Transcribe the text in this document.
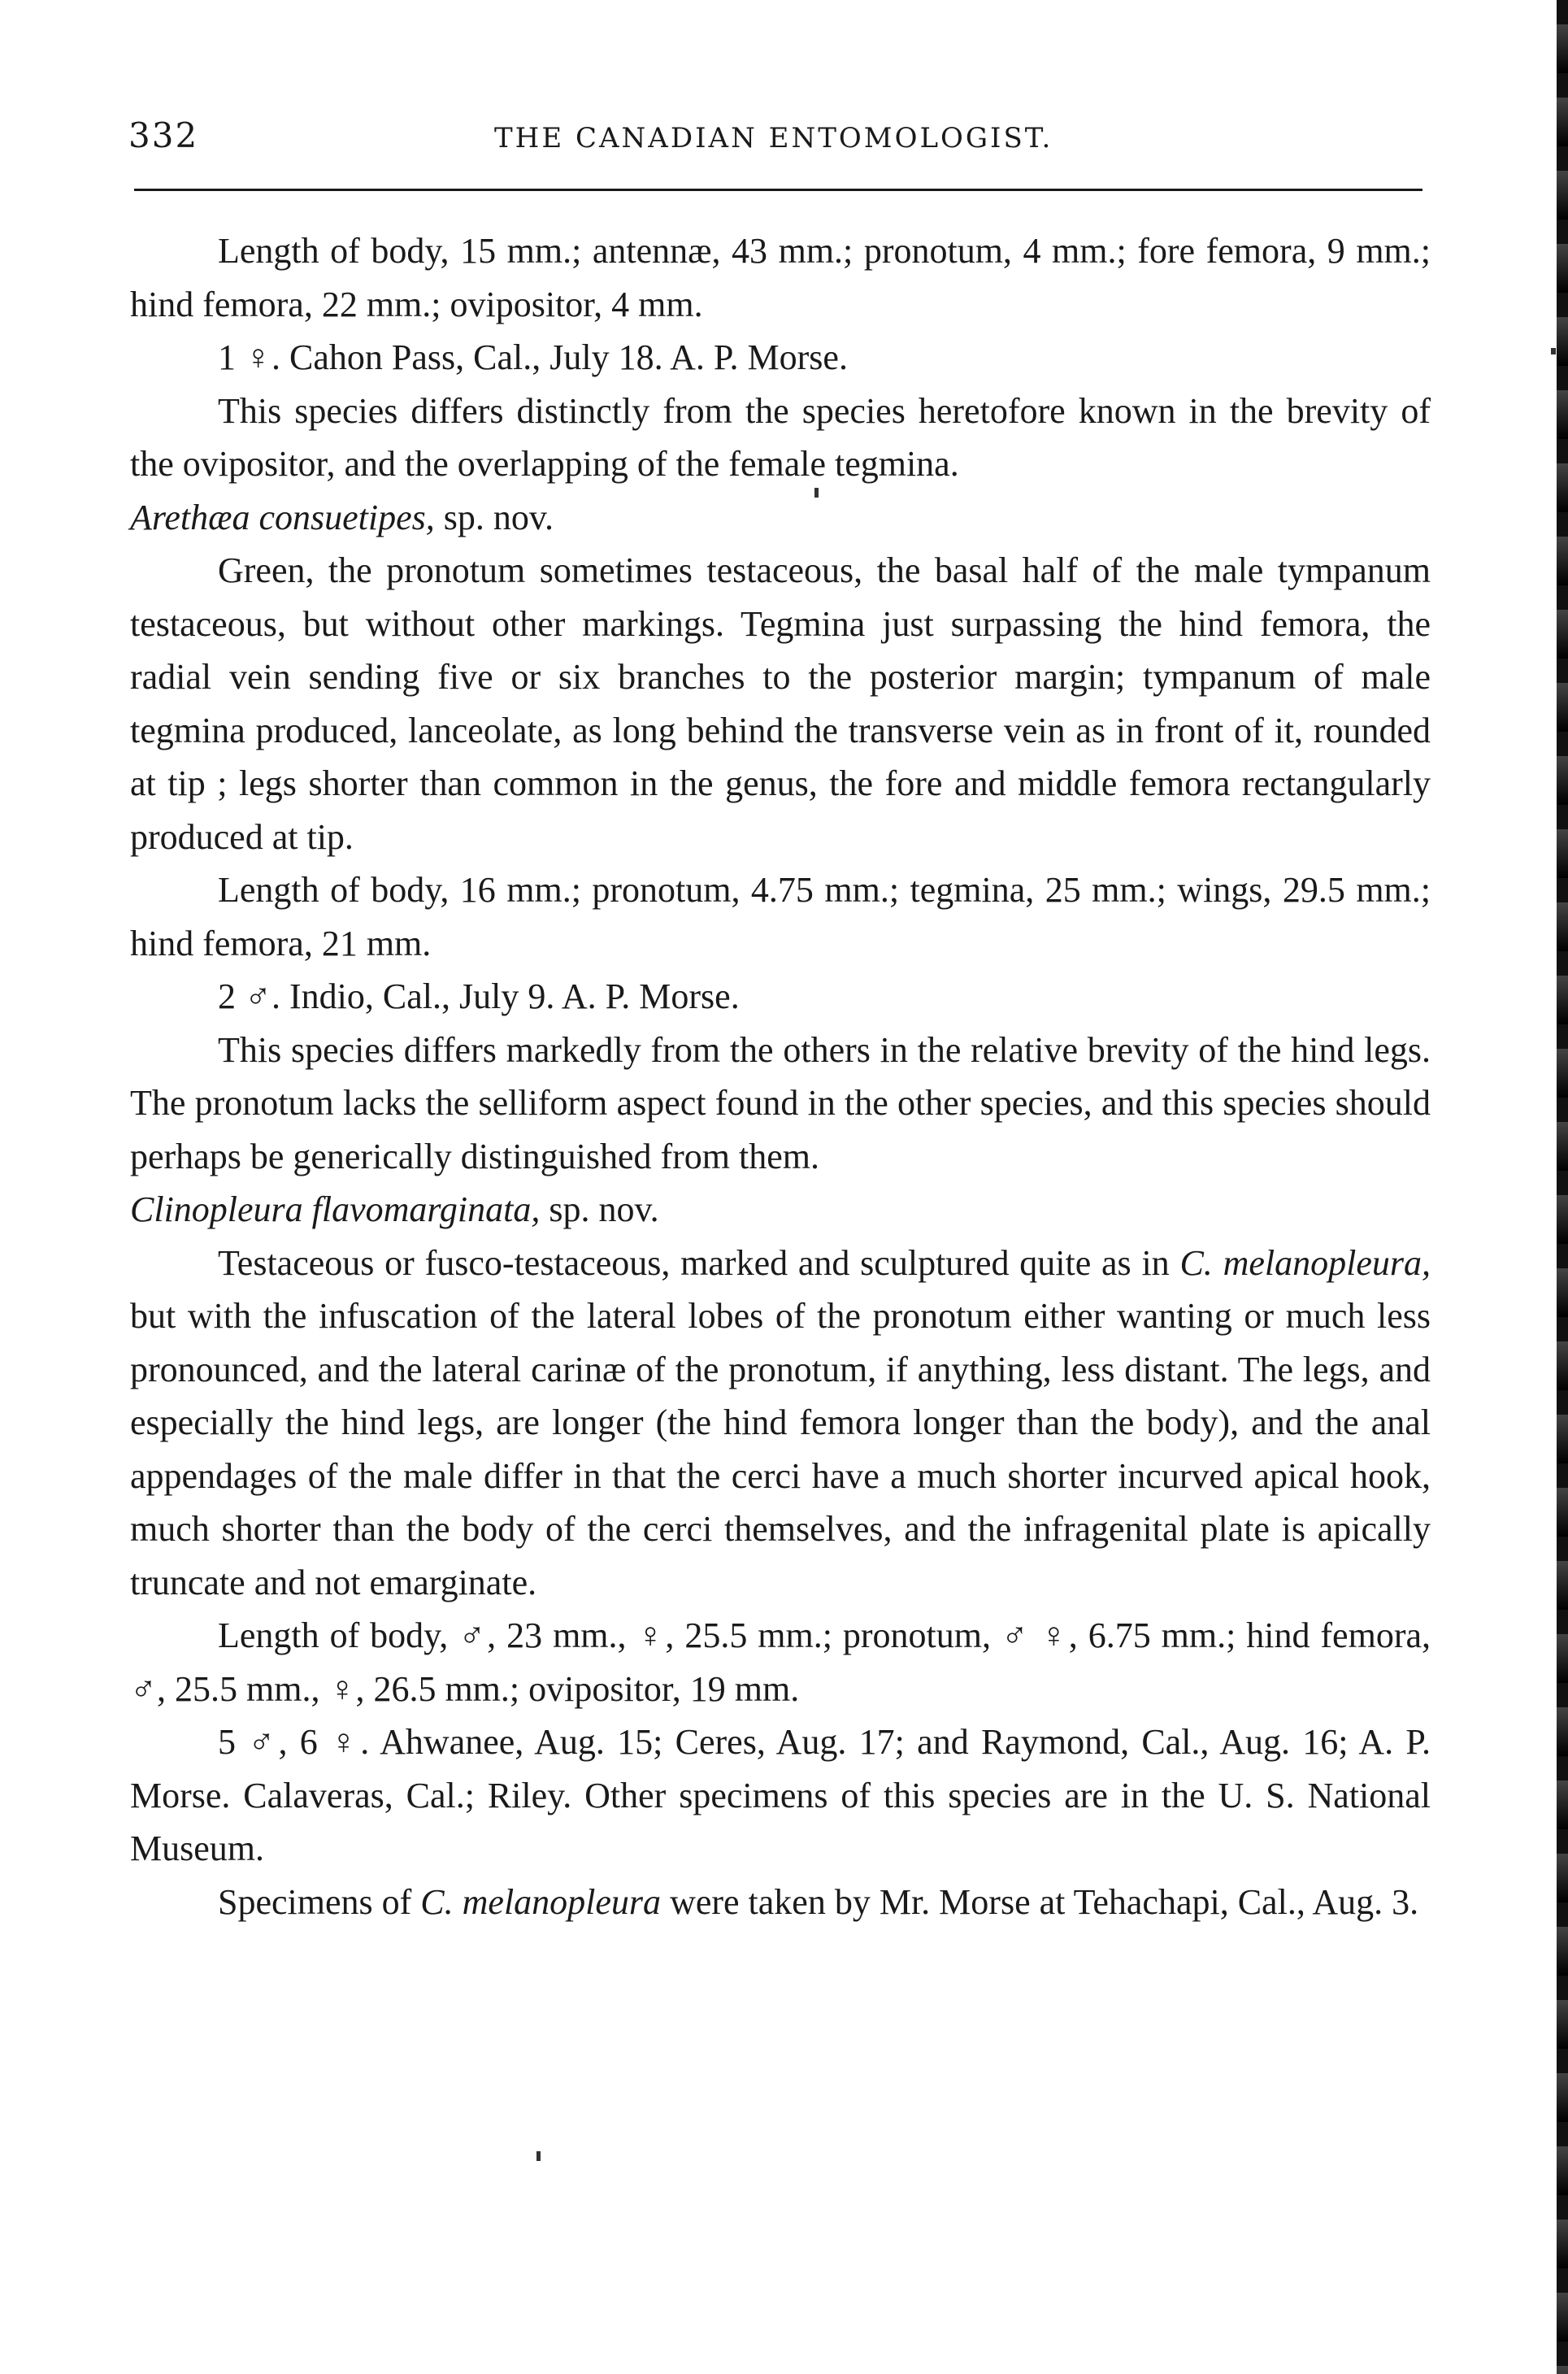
332	THE CANADIAN ENTOMOLOGIST.

Length of body, 15 mm.; antennæ, 43 mm.; pronotum, 4 mm.; fore femora, 9 mm.; hind femora, 22 mm.; ovipositor, 4 mm.

1 ♀. Cahon Pass, Cal., July 18. A. P. Morse.

This species differs distinctly from the species heretofore known in the brevity of the ovipositor, and the overlapping of the female tegmina.

Arethæa consuetipes, sp. nov.

Green, the pronotum sometimes testaceous, the basal half of the male tympanum testaceous, but without other markings. Tegmina just surpassing the hind femora, the radial vein sending five or six branches to the posterior margin; tympanum of male tegmina produced, lanceolate, as long behind the transverse vein as in front of it, rounded at tip ; legs shorter than common in the genus, the fore and middle femora rectangularly produced at tip.

Length of body, 16 mm.; pronotum, 4.75 mm.; tegmina, 25 mm.; wings, 29.5 mm.; hind femora, 21 mm.

2 ♂. Indio, Cal., July 9. A. P. Morse.

This species differs markedly from the others in the relative brevity of the hind legs. The pronotum lacks the selliform aspect found in the other species, and this species should perhaps be generically distinguished from them.

Clinopleura flavomarginata, sp. nov.

Testaceous or fusco-testaceous, marked and sculptured quite as in C. melanopleura, but with the infuscation of the lateral lobes of the pronotum either wanting or much less pronounced, and the lateral carinæ of the pronotum, if anything, less distant. The legs, and especially the hind legs, are longer (the hind femora longer than the body), and the anal appendages of the male differ in that the cerci have a much shorter incurved apical hook, much shorter than the body of the cerci themselves, and the infragenital plate is apically truncate and not emarginate.

Length of body, ♂, 23 mm., ♀, 25.5 mm.; pronotum, ♂ ♀, 6.75 mm.; hind femora, ♂, 25.5 mm., ♀, 26.5 mm.; ovipositor, 19 mm.

5 ♂, 6 ♀. Ahwanee, Aug. 15; Ceres, Aug. 17; and Raymond, Cal., Aug. 16; A. P. Morse. Calaveras, Cal.; Riley. Other specimens of this species are in the U. S. National Museum.

Specimens of C. melanopleura were taken by Mr. Morse at Tehachapi, Cal., Aug. 3.
